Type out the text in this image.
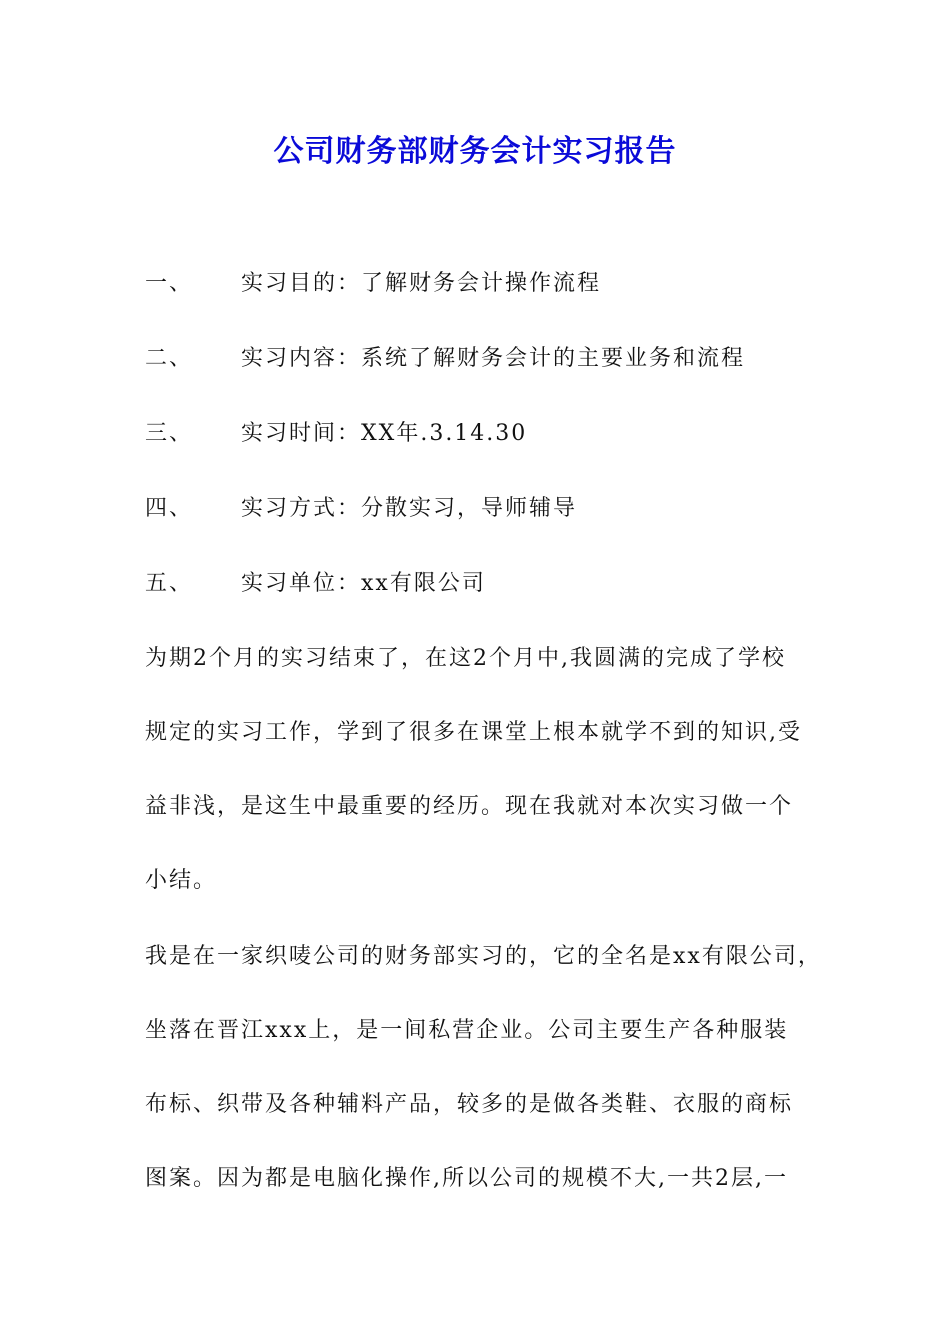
公司财务部财务会计实习报告
一、 实习目的：了解财务会计操作流程
二、 实习内容：系统了解财务会计的主要业务和流程
三、 实习时间：XX年.3.14.30
四、 实习方式：分散实习，导师辅导
五、 实习单位：xx有限公司
为期2个月的实习结束了，在这2个月中,我圆满的完成了学校
规定的实习工作，学到了很多在课堂上根本就学不到的知识,受
益非浅，是这生中最重要的经历。现在我就对本次实习做一个
小结。
我是在一家织唛公司的财务部实习的，它的全名是xx有限公司，
坐落在晋江xxx上，是一间私营企业。公司主要生产各种服装
布标、织带及各种辅料产品，较多的是做各类鞋、衣服的商标
图案。因为都是电脑化操作,所以公司的规模不大,一共2层,一
